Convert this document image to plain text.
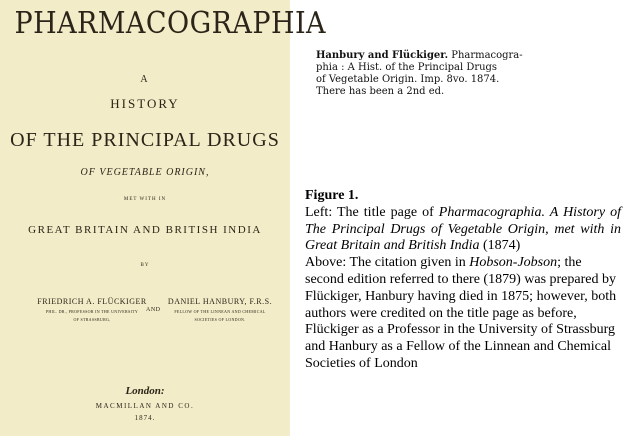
PHARMACOGRAPHIA
A
HISTORY
OF THE PRINCIPAL DRUGS
OF VEGETABLE ORIGIN,
MET WITH IN
GREAT BRITAIN AND BRITISH INDIA
BY
FRIEDRICH A. FLÜCKIGER
PHIL. DR., PROFESSOR IN THE UNIVERSITY
OF STRASSBURG,
AND
DANIEL HANBURY, F.R.S.
FELLOW OF THE LINNEAN AND CHEMICAL
SOCIETIES OF LONDON.
London:
MACMILLAN AND CO.
1874.
Hanbury and Flückiger. Pharmacogra-
phia : A Hist. of the Principal Drugs
of Vegetable Origin. Imp. 8vo. 1874.
There has been a 2nd ed.
Figure 1.
Left: The title page of Pharmacographia. A History of The Principal Drugs of Vegetable Origin, met with in Great Britain and British India (1874)
Above: The citation given in Hobson-Jobson; the second edition referred to there (1879) was prepared by Flückiger, Hanbury having died in 1875; however, both authors were credited on the title page as before, Flückiger as a Professor in the University of Strassburg and Hanbury as a Fellow of the Linnean and Chemical Societies of London
